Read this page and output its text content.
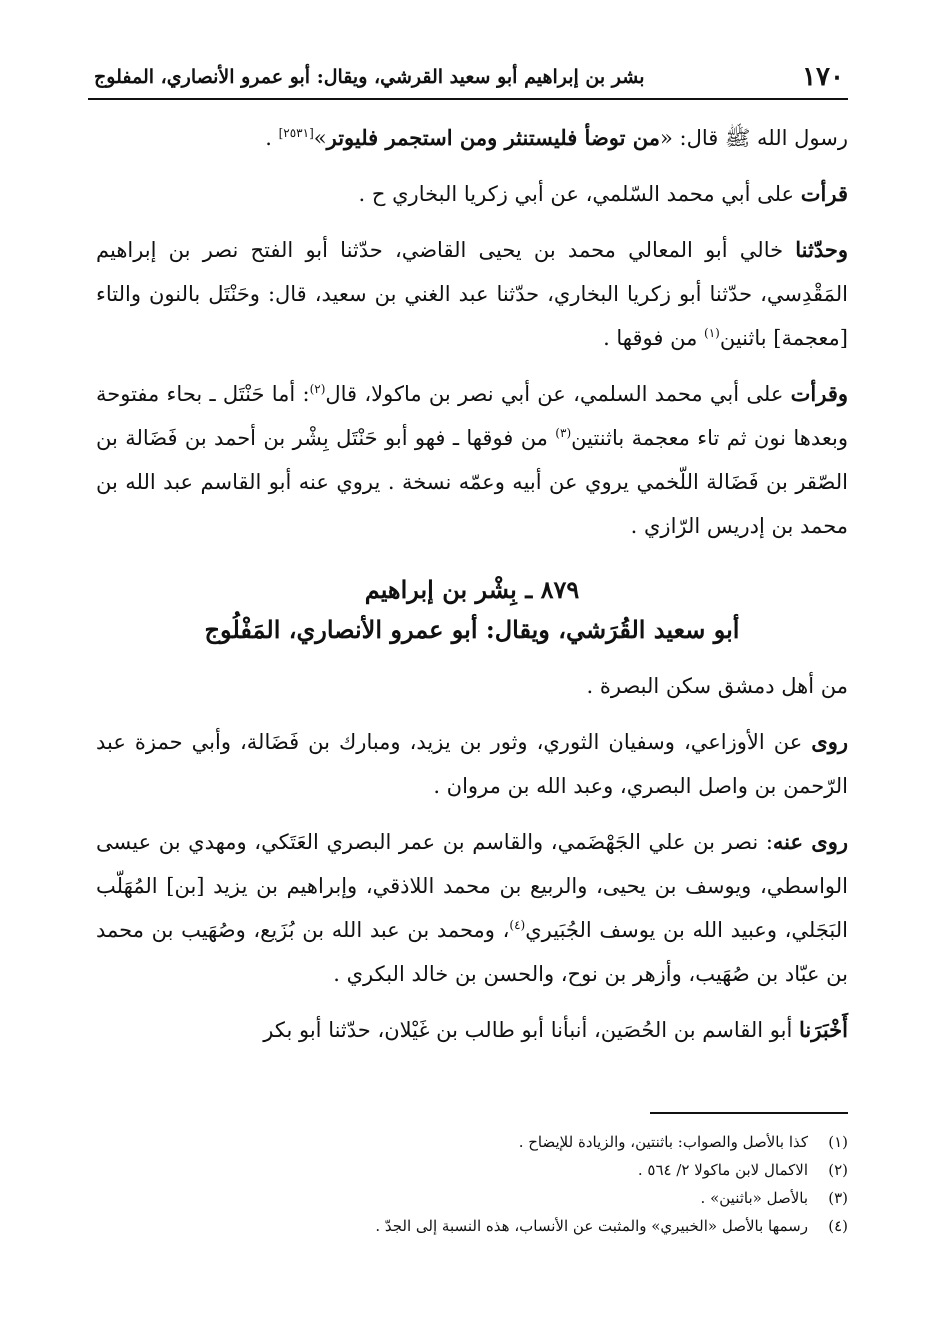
١٧٠
بشر بن إبراهيم أبو سعيد القرشي، ويقال: أبو عمرو الأنصاري، المفلوج

رسول الله ﷺ قال: «من توضأ فليستنثر ومن استجمر فليوتر»[٢٥٣١] .

قرأت على أبي محمد السّلمي، عن أبي زكريا البخاري ح .

وحدّثنا خالي أبو المعالي محمد بن يحيى القاضي، حدّثنا أبو الفتح نصر بن إبراهيم المَقْدِسي، حدّثنا أبو زكريا البخاري، حدّثنا عبد الغني بن سعيد، قال: وحَنْتَل بالنون والتاء [معجمة] باثنين$^{(١)}$ من فوقها .

وقرأت على أبي محمد السلمي، عن أبي نصر بن ماكولا، قال$^{(٢)}$: أما حَنْتَل ـ بحاء مفتوحة وبعدها نون ثم تاء معجمة باثنتين$^{(٣)}$ من فوقها ـ فهو أبو حَنْتَل بِشْر بن أحمد بن فَضَالة بن الصّقر بن فَضَالة اللّخمي يروي عن أبيه وعمّه نسخة . يروي عنه أبو القاسم عبد الله بن محمد بن إدريس الرّازي .

٨٧٩ ـ بِشْر بن إبراهيم
أبو سعيد القُرَشي، ويقال: أبو عمرو الأنصاري، المَفْلُوج

من أهل دمشق سكن البصرة .

روى عن الأوزاعي، وسفيان الثوري، وثور بن يزيد، ومبارك بن فَضَالة، وأبي حمزة عبد الرّحمن بن واصل البصري، وعبد الله بن مروان .

روى عنه: نصر بن علي الجَهْضَمي، والقاسم بن عمر البصري العَتَكي، ومهدي بن عيسى الواسطي، ويوسف بن يحيى، والربيع بن محمد اللاذقي، وإبراهيم بن يزيد [بن] المُهَلّب البَجَلي، وعبيد الله بن يوسف الجُبَيري$^{(٤)}$، ومحمد بن عبد الله بن بُزَيع، وصُهَيب بن محمد بن عبّاد بن صُهَيب، وأزهر بن نوح، والحسن بن خالد البكري .

أَخْبَرَنا أبو القاسم بن الحُصَين، أنبأنا أبو طالب بن غَيْلان، حدّثنا أبو بكر

(١)
كذا بالأصل والصواب: باثنتين، والزيادة للإيضاح .
(٢)
الاكمال لابن ماكولا ٢/ ٥٦٤ .
(٣)
بالأصل «باثنين» .
(٤)
رسمها بالأصل «الخبيري» والمثبت عن الأنساب، هذه النسبة إلى الجدّ .
